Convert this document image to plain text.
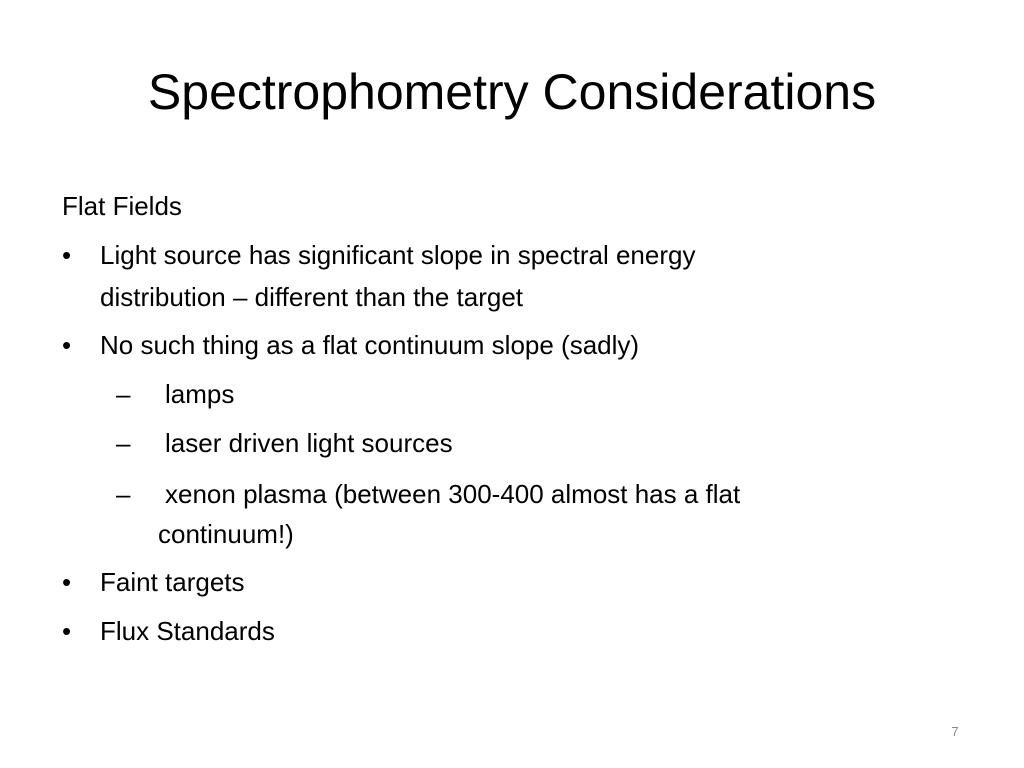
Spectrophometry Considerations
Flat Fields
• Light source has significant slope in spectral energy
distribution – different than the target
• No such thing as a flat continuum slope (sadly)
– lamps
– laser driven light sources
– xenon plasma (between 300-400 almost has a flat
continuum!)
• Faint targets
• Flux Standards
7
